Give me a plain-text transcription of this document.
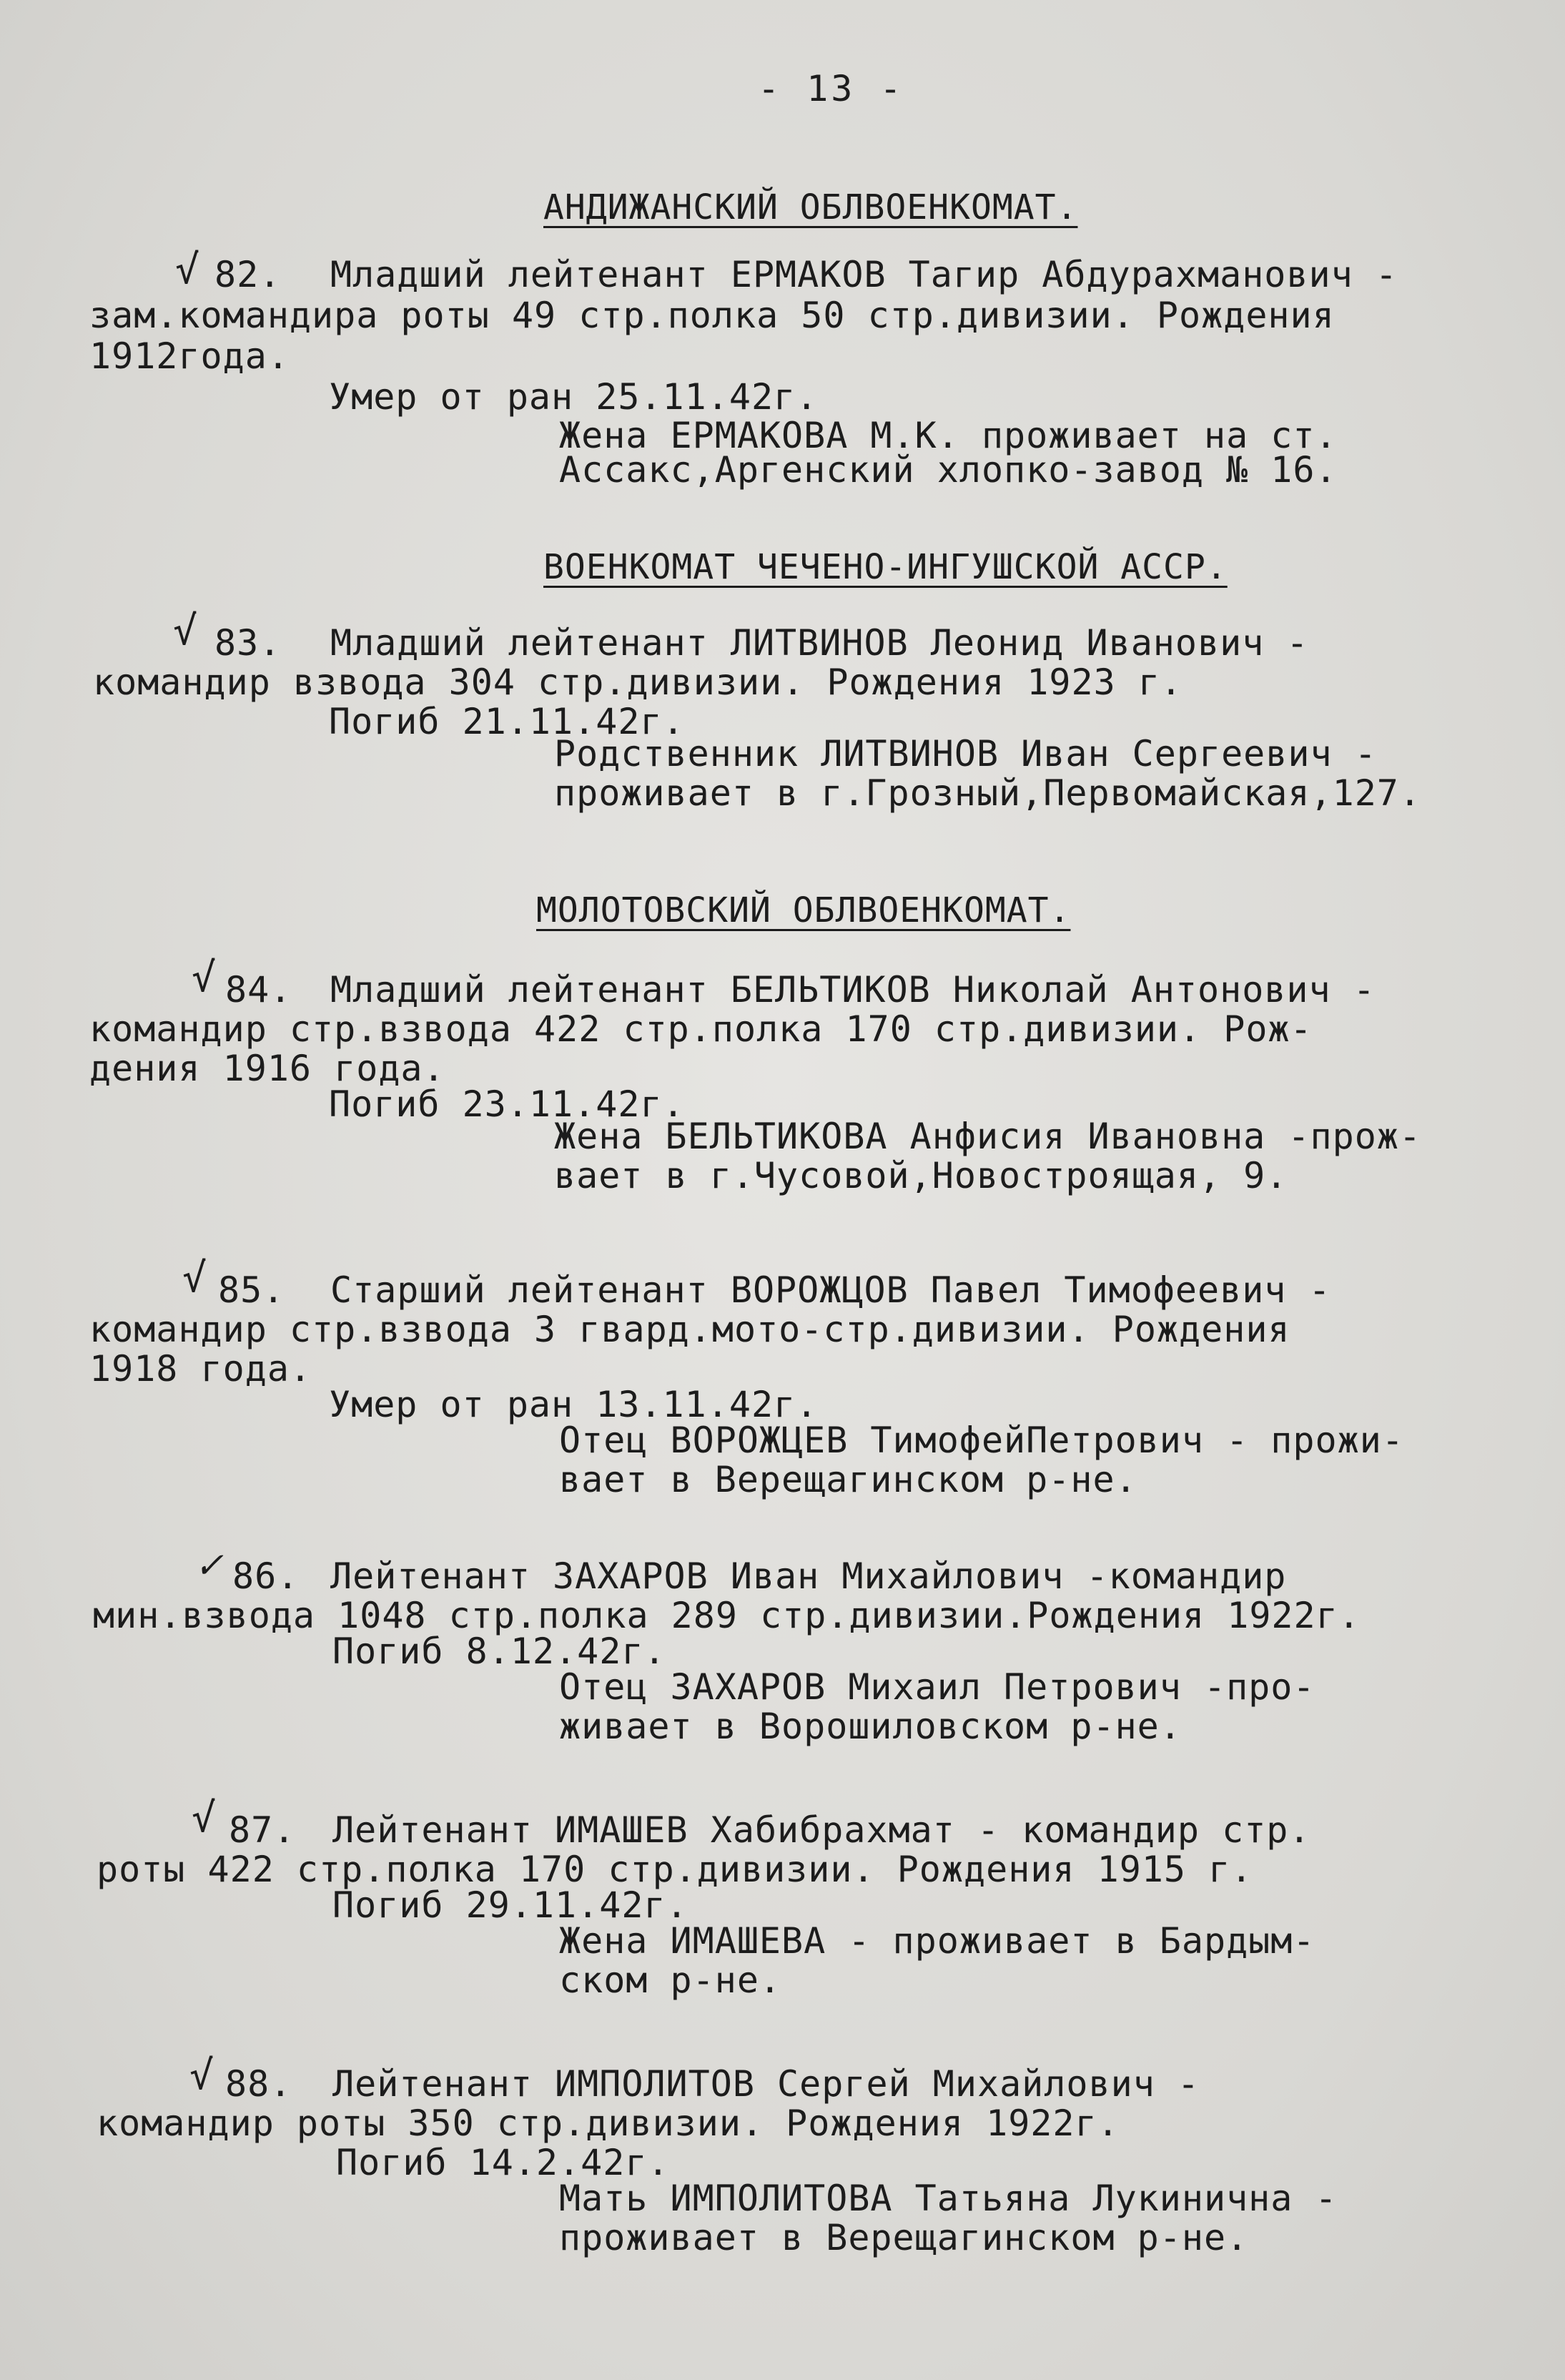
- 13 -
АНДИЖАНСКИЙ ОБЛВОЕНКОМАТ.
√ 82. Младший лейтенант ЕРМАКОВ Тагир Абдурахманович -
зам.командира роты 49 стр.полка 50 стр.дивизии. Рождения
1912года.
Умер от ран 25.11.42г.
Жена ЕРМАКОВА М.К. проживает на ст.
Ассакс,Аргенский хлопко-завод № 16.
ВОЕНКОМАТ ЧЕЧЕНО-ИНГУШСКОЙ АССР.
√ 83. Младший лейтенант ЛИТВИНОВ Леонид Иванович -
командир взвода 304 стр.дивизии. Рождения 1923 г.
Погиб 21.11.42г.
Родственник ЛИТВИНОВ Иван Сергеевич -
проживает в г.Грозный,Первомайская,127.
МОЛОТОВСКИЙ ОБЛВОЕНКОМАТ.
√ 84. Младший лейтенант БЕЛЬТИКОВ Николай Антонович -
командир стр.взвода 422 стр.полка 170 стр.дивизии. Рож-
дения 1916 года.
Погиб 23.11.42г.
Жена БЕЛЬТИКОВА Анфисия Ивановна -прож-
вает в г.Чусовой,Новостроящая, 9.
√ 85. Старший лейтенант ВОРОЖЦОВ Павел Тимофеевич -
командир стр.взвода 3 гвард.мото-стр.дивизии. Рождения
1918 года.
Умер от ран 13.11.42г.
Отец ВОРОЖЦЕВ ТимофейПетрович - прожи-
вает в Верещагинском р-не.
✓ 86. Лейтенант ЗАХАРОВ Иван Михайлович -командир
мин.взвода 1048 стр.полка 289 стр.дивизии.Рождения 1922г.
Погиб 8.12.42г.
Отец ЗАХАРОВ Михаил Петрович -про-
живает в Ворошиловском р-не.
√ 87. Лейтенант ИМАШЕВ Хабибрахмат - командир стр.
роты 422 стр.полка 170 стр.дивизии. Рождения 1915 г.
Погиб 29.11.42г.
Жена ИМАШЕВА - проживает в Бардым-
ском р-не.
√ 88. Лейтенант ИМПОЛИТОВ Сергей Михайлович -
командир роты 350 стр.дивизии. Рождения 1922г.
Погиб 14.2.42г.
Мать ИМПОЛИТОВА Татьяна Лукиничнa -
проживает в Верещагинском р-не.
